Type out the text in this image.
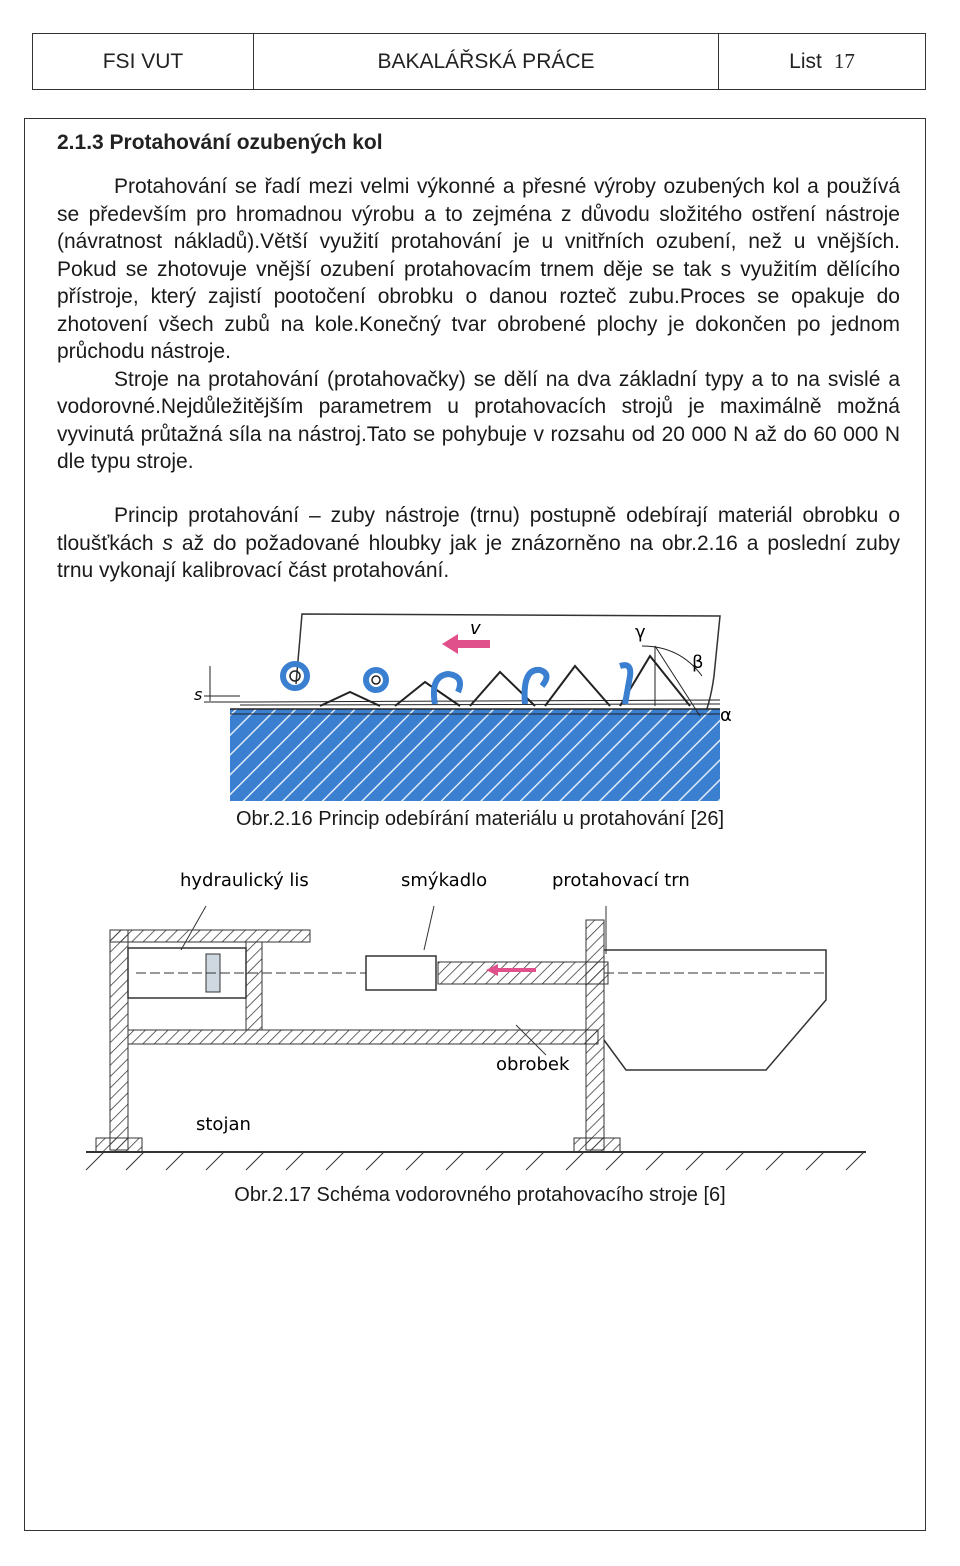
FSI VUT	BAKALÁŘSKÁ PRÁCE	List 17
2.1.3 Protahování ozubených kol

Protahování se řadí mezi velmi výkonné a přesné výroby ozubených kol a používá se především pro hromadnou výrobu a to zejména z důvodu složitého ostření nástroje (návratnost nákladů).Větší využití protahování je u vnitřních ozubení, než u vnějších. Pokud se zhotovuje vnější ozubení protahovacím trnem děje se tak s využitím dělícího přístroje, který zajistí pootočení obrobku o danou rozteč zubu.Proces se opakuje do zhotovení všech zubů na kole.Konečný tvar obrobené plochy je dokončen po jednom průchodu nástroje.

Stroje na protahování (protahovačky) se dělí na dva základní typy a to na svislé a vodorovné.Nejdůležitějším parametrem u protahovacích strojů je maximálně možná vyvinutá průtažná síla na nástroj.Tato se pohybuje v rozsahu od 20 000 N až do 60 000 N dle typu stroje.

Princip protahování – zuby nástroje (trnu) postupně odebírají materiál obrobku o tloušťkách s až do požadované hloubky jak je znázorněno na obr.2.16 a poslední zuby trnu vykonají kalibrovací část protahování.

s
v	γ
β
α
Obr.2.16 Princip odebírání materiálu u protahování [26]
hydraulický lis	smýkadlo	protahovací trn
obrobek
stojan
Obr.2.17 Schéma vodorovného protahovacího stroje [6]
